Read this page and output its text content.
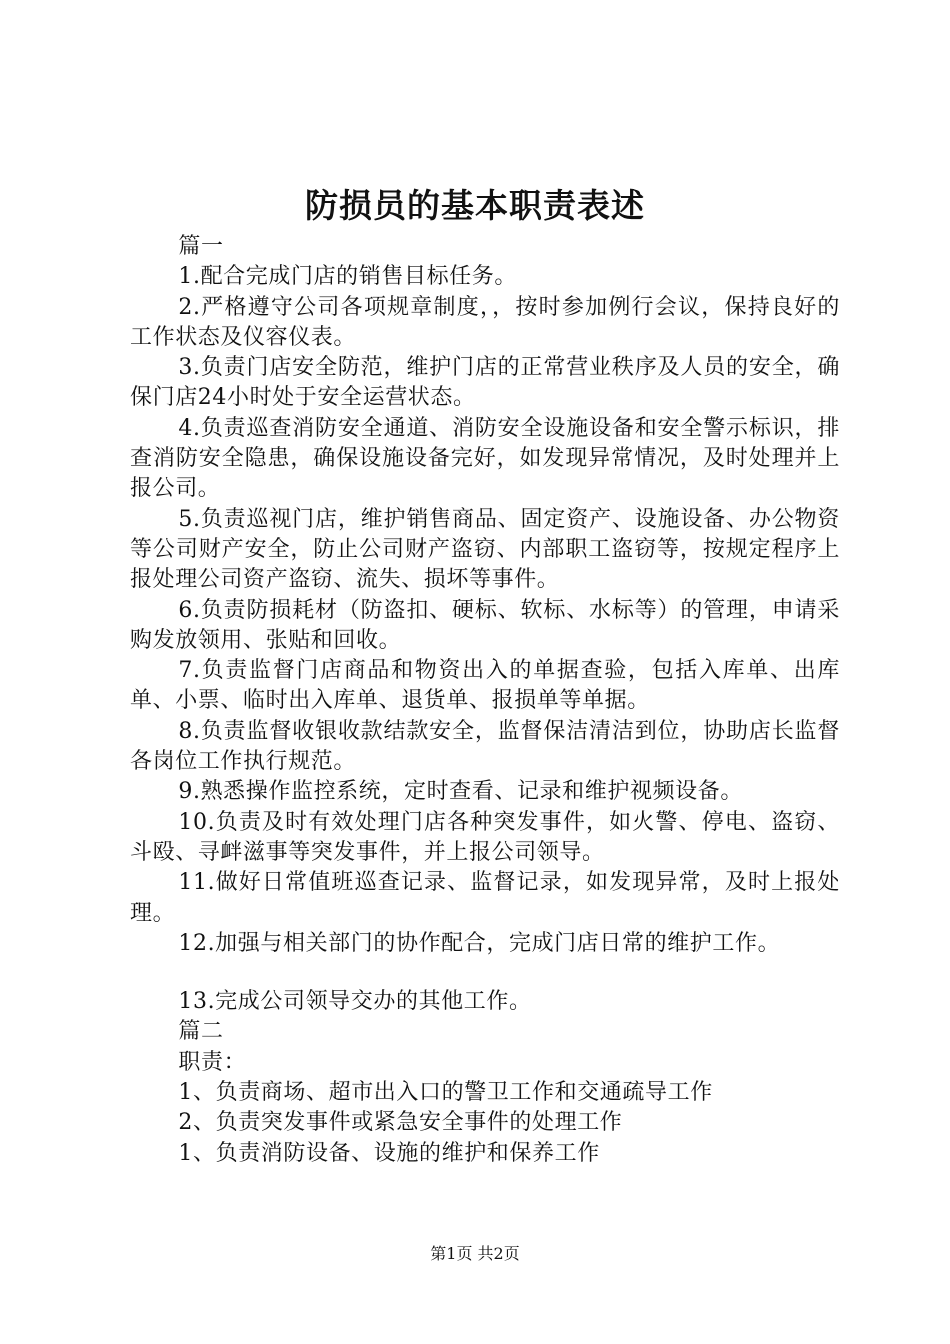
防损员的基本职责表述

篇一

1.配合完成门店的销售目标任务。

2.严格遵守公司各项规章制度，，按时参加例行会议，保持良好的工作状态及仪容仪表。

3.负责门店安全防范，维护门店的正常营业秩序及人员的安全，确保门店24小时处于安全运营状态。

4.负责巡查消防安全通道、消防安全设施设备和安全警示标识，排查消防安全隐患，确保设施设备完好，如发现异常情况，及时处理并上报公司。

5.负责巡视门店，维护销售商品、固定资产、设施设备、办公物资等公司财产安全，防止公司财产盗窃、内部职工盗窃等，按规定程序上报处理公司资产盗窃、流失、损坏等事件。

6.负责防损耗材（防盗扣、硬标、软标、水标等）的管理，申请采购发放领用、张贴和回收。

7.负责监督门店商品和物资出入的单据查验，包括入库单、出库单、小票、临时出入库单、退货单、报损单等单据。

8.负责监督收银收款结款安全，监督保洁清洁到位，协助店长监督各岗位工作执行规范。

9.熟悉操作监控系统，定时查看、记录和维护视频设备。

10.负责及时有效处理门店各种突发事件，如火警、停电、盗窃、斗殴、寻衅滋事等突发事件，并上报公司领导。

11.做好日常值班巡查记录、监督记录，如发现异常，及时上报处理。

12.加强与相关部门的协作配合，完成门店日常的维护工作。

13.完成公司领导交办的其他工作。

篇二

职责：

1、负责商场、超市出入口的警卫工作和交通疏导工作

2、负责突发事件或紧急安全事件的处理工作

1、负责消防设备、设施的维护和保养工作

第1页 共2页
